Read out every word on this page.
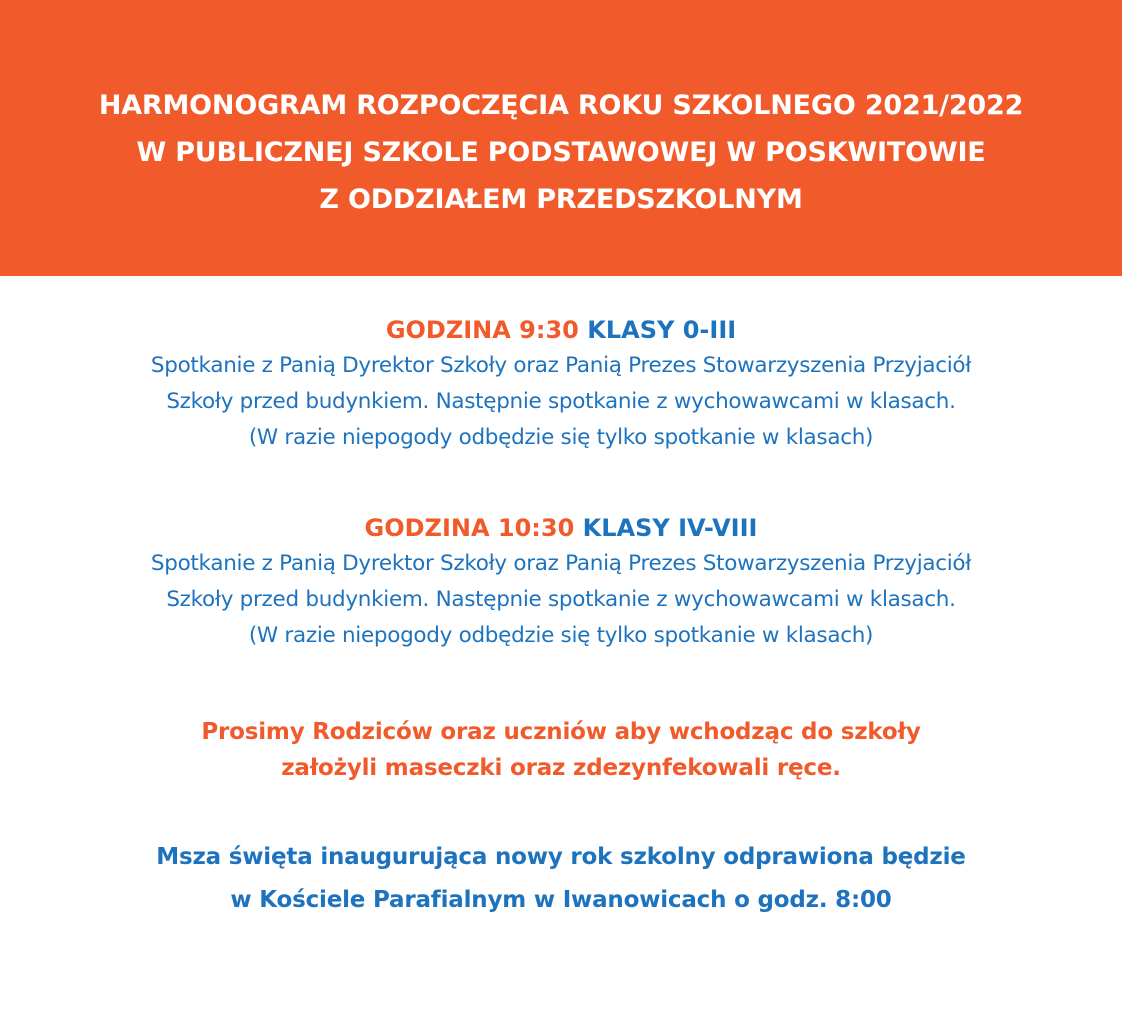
HARMONOGRAM ROZPOCZĘCIA ROKU SZKOLNEGO 2021/2022
W PUBLICZNEJ SZKOLE PODSTAWOWEJ W POSKWITOWIE
Z ODDZIAŁEM PRZEDSZKOLNYM
GODZINA 9:30 KLASY 0-III
Spotkanie z Panią Dyrektor Szkoły oraz Panią Prezes Stowarzyszenia Przyjaciół
Szkoły przed budynkiem. Następnie spotkanie z wychowawcami w klasach.
(W razie niepogody odbędzie się tylko spotkanie w klasach)
GODZINA 10:30 KLASY IV-VIII
Spotkanie z Panią Dyrektor Szkoły oraz Panią Prezes Stowarzyszenia Przyjaciół
Szkoły przed budynkiem. Następnie spotkanie z wychowawcami w klasach.
(W razie niepogody odbędzie się tylko spotkanie w klasach)
Prosimy Rodziców oraz uczniów aby wchodząc do szkoły
założyli maseczki oraz zdezynfekowali ręce.
Msza święta inaugurująca nowy rok szkolny odprawiona będzie
w Kościele Parafialnym w Iwanowicach o godz. 8:00
